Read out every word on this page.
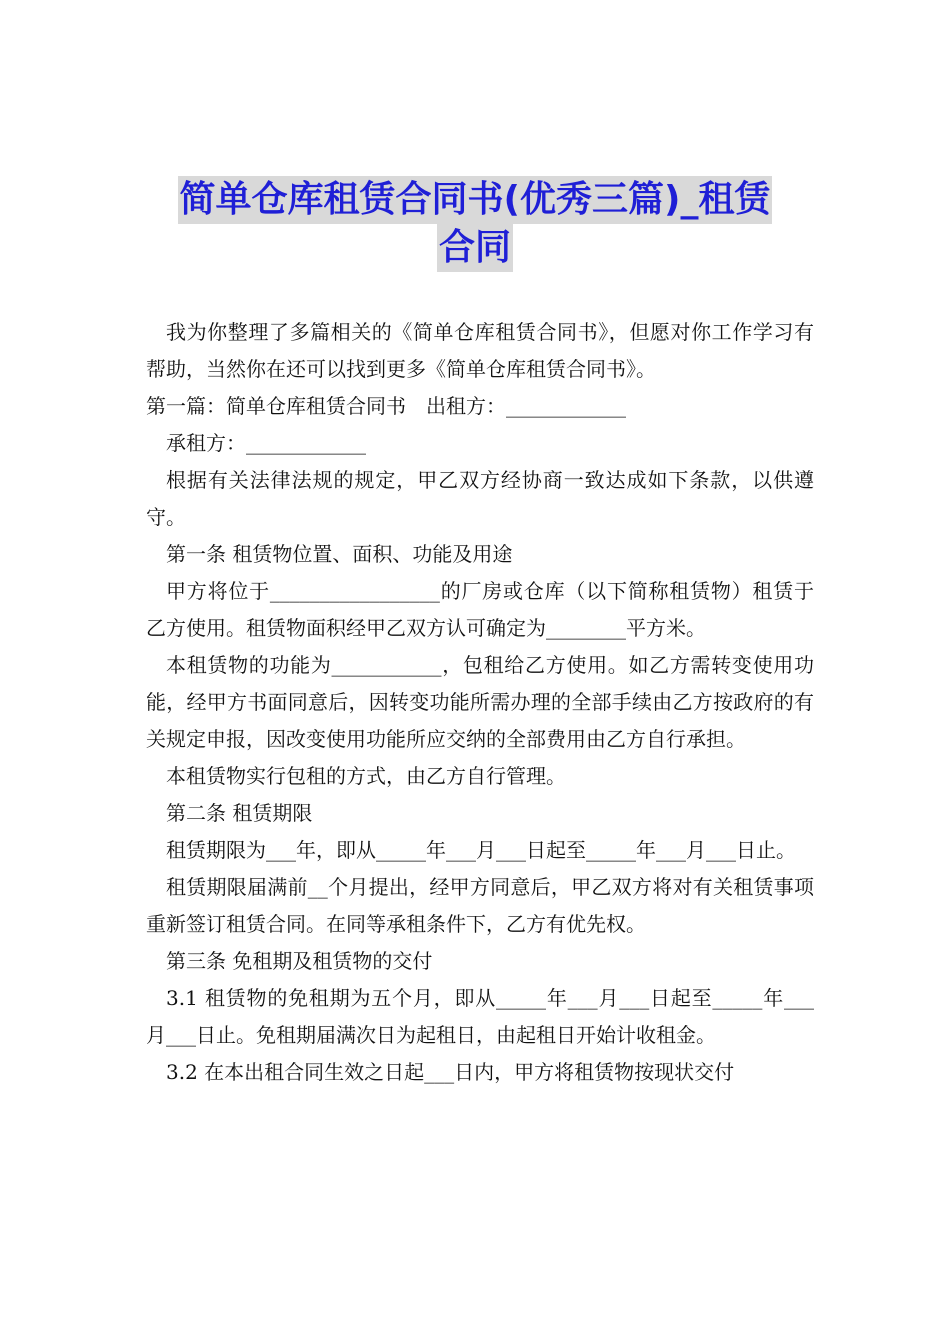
简单仓库租赁合同书(优秀三篇)_租赁
合同

我为你整理了多篇相关的《简单仓库租赁合同书》，但愿对你工作学习有帮助，当然你在还可以找到更多《简单仓库租赁合同书》。

第一篇：简单仓库租赁合同书　出租方：____________

承租方：____________

根据有关法律法规的规定，甲乙双方经协商一致达成如下条款，以供遵守。

第一条 租赁物位置、面积、功能及用途

甲方将位于_________________的厂房或仓库（以下简称租赁物）租赁于乙方使用。租赁物面积经甲乙双方认可确定为________平方米。

本租赁物的功能为___________，包租给乙方使用。如乙方需转变使用功能，经甲方书面同意后，因转变功能所需办理的全部手续由乙方按政府的有关规定申报，因改变使用功能所应交纳的全部费用由乙方自行承担。

本租赁物实行包租的方式，由乙方自行管理。

第二条 租赁期限

租赁期限为___年，即从_____年___月___日起至_____年___月___日止。

租赁期限届满前__个月提出，经甲方同意后，甲乙双方将对有关租赁事项重新签订租赁合同。在同等承租条件下，乙方有优先权。

第三条 免租期及租赁物的交付

3.1 租赁物的免租期为五个月，即从_____年___月___日起至_____年___月___日止。免租期届满次日为起租日，由起租日开始计收租金。

3.2 在本出租合同生效之日起___日内，甲方将租赁物按现状交付
